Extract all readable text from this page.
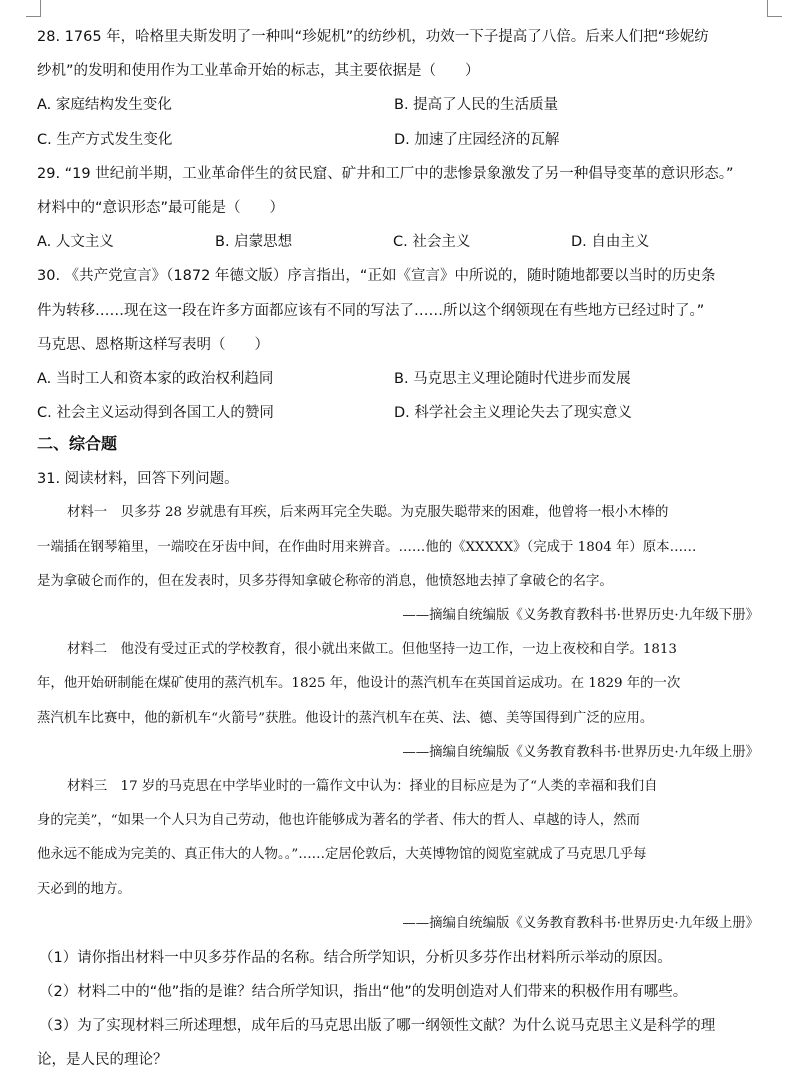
28. 1765 年，哈格里夫斯发明了一种叫“珍妮机”的纺纱机，功效一下子提高了八倍。后来人们把“珍妮纺
纱机”的发明和使用作为工业革命开始的标志，其主要依据是（　　）
A. 家庭结构发生变化	B. 提高了人民的生活质量
C. 生产方式发生变化	D. 加速了庄园经济的瓦解
29. “19 世纪前半期，工业革命伴生的贫民窟、矿井和工厂中的悲惨景象激发了另一种倡导变革的意识形态。”
材料中的“意识形态”最可能是（　　）
A. 人文主义	B. 启蒙思想	C. 社会主义	D. 自由主义
30. 《共产党宣言》（1872 年德文版）序言指出，“正如《宣言》中所说的，随时随地都要以当时的历史条
件为转移……现在这一段在许多方面都应该有不同的写法了……所以这个纲领现在有些地方已经过时了。”
马克思、恩格斯这样写表明（　　）
A. 当时工人和资本家的政治权利趋同	B. 马克思主义理论随时代进步而发展
C. 社会主义运动得到各国工人的赞同	D. 科学社会主义理论失去了现实意义
二、综合题
31. 阅读材料，回答下列问题。
材料一　贝多芬 28 岁就患有耳疾，后来两耳完全失聪。为克服失聪带来的困难，他曾将一根小木棒的
一端插在钢琴箱里，一端咬在牙齿中间，在作曲时用来辨音。……他的《XXXXX》（完成于 1804 年）原本……
是为拿破仑而作的，但在发表时，贝多芬得知拿破仑称帝的消息，他愤怒地去掉了拿破仑的名字。
——摘编自统编版《义务教育教科书·世界历史·九年级下册》
材料二　他没有受过正式的学校教育，很小就出来做工。但他坚持一边工作，一边上夜校和自学。1813
年，他开始研制能在煤矿使用的蒸汽机车。1825 年，他设计的蒸汽机车在英国首运成功。在 1829 年的一次
蒸汽机车比赛中，他的新机车“火箭号”获胜。他设计的蒸汽机车在英、法、德、美等国得到广泛的应用。
——摘编自统编版《义务教育教科书·世界历史·九年级上册》
材料三　17 岁的马克思在中学毕业时的一篇作文中认为：择业的目标应是为了“人类的幸福和我们自
身的完美”，“如果一个人只为自己劳动，他也许能够成为著名的学者、伟大的哲人、卓越的诗人，然而
他永远不能成为完美的、真正伟大的人物。。”……定居伦敦后，大英博物馆的阅览室就成了马克思几乎每
天必到的地方。
——摘编自统编版《义务教育教科书·世界历史·九年级上册》
（1）请你指出材料一中贝多芬作品的名称。结合所学知识，分析贝多芬作出材料所示举动的原因。
（2）材料二中的“他”指的是谁？结合所学知识，指出“他”的发明创造对人们带来的积极作用有哪些。
（3）为了实现材料三所述理想，成年后的马克思出版了哪一纲领性文献？为什么说马克思主义是科学的理
论，是人民的理论？
